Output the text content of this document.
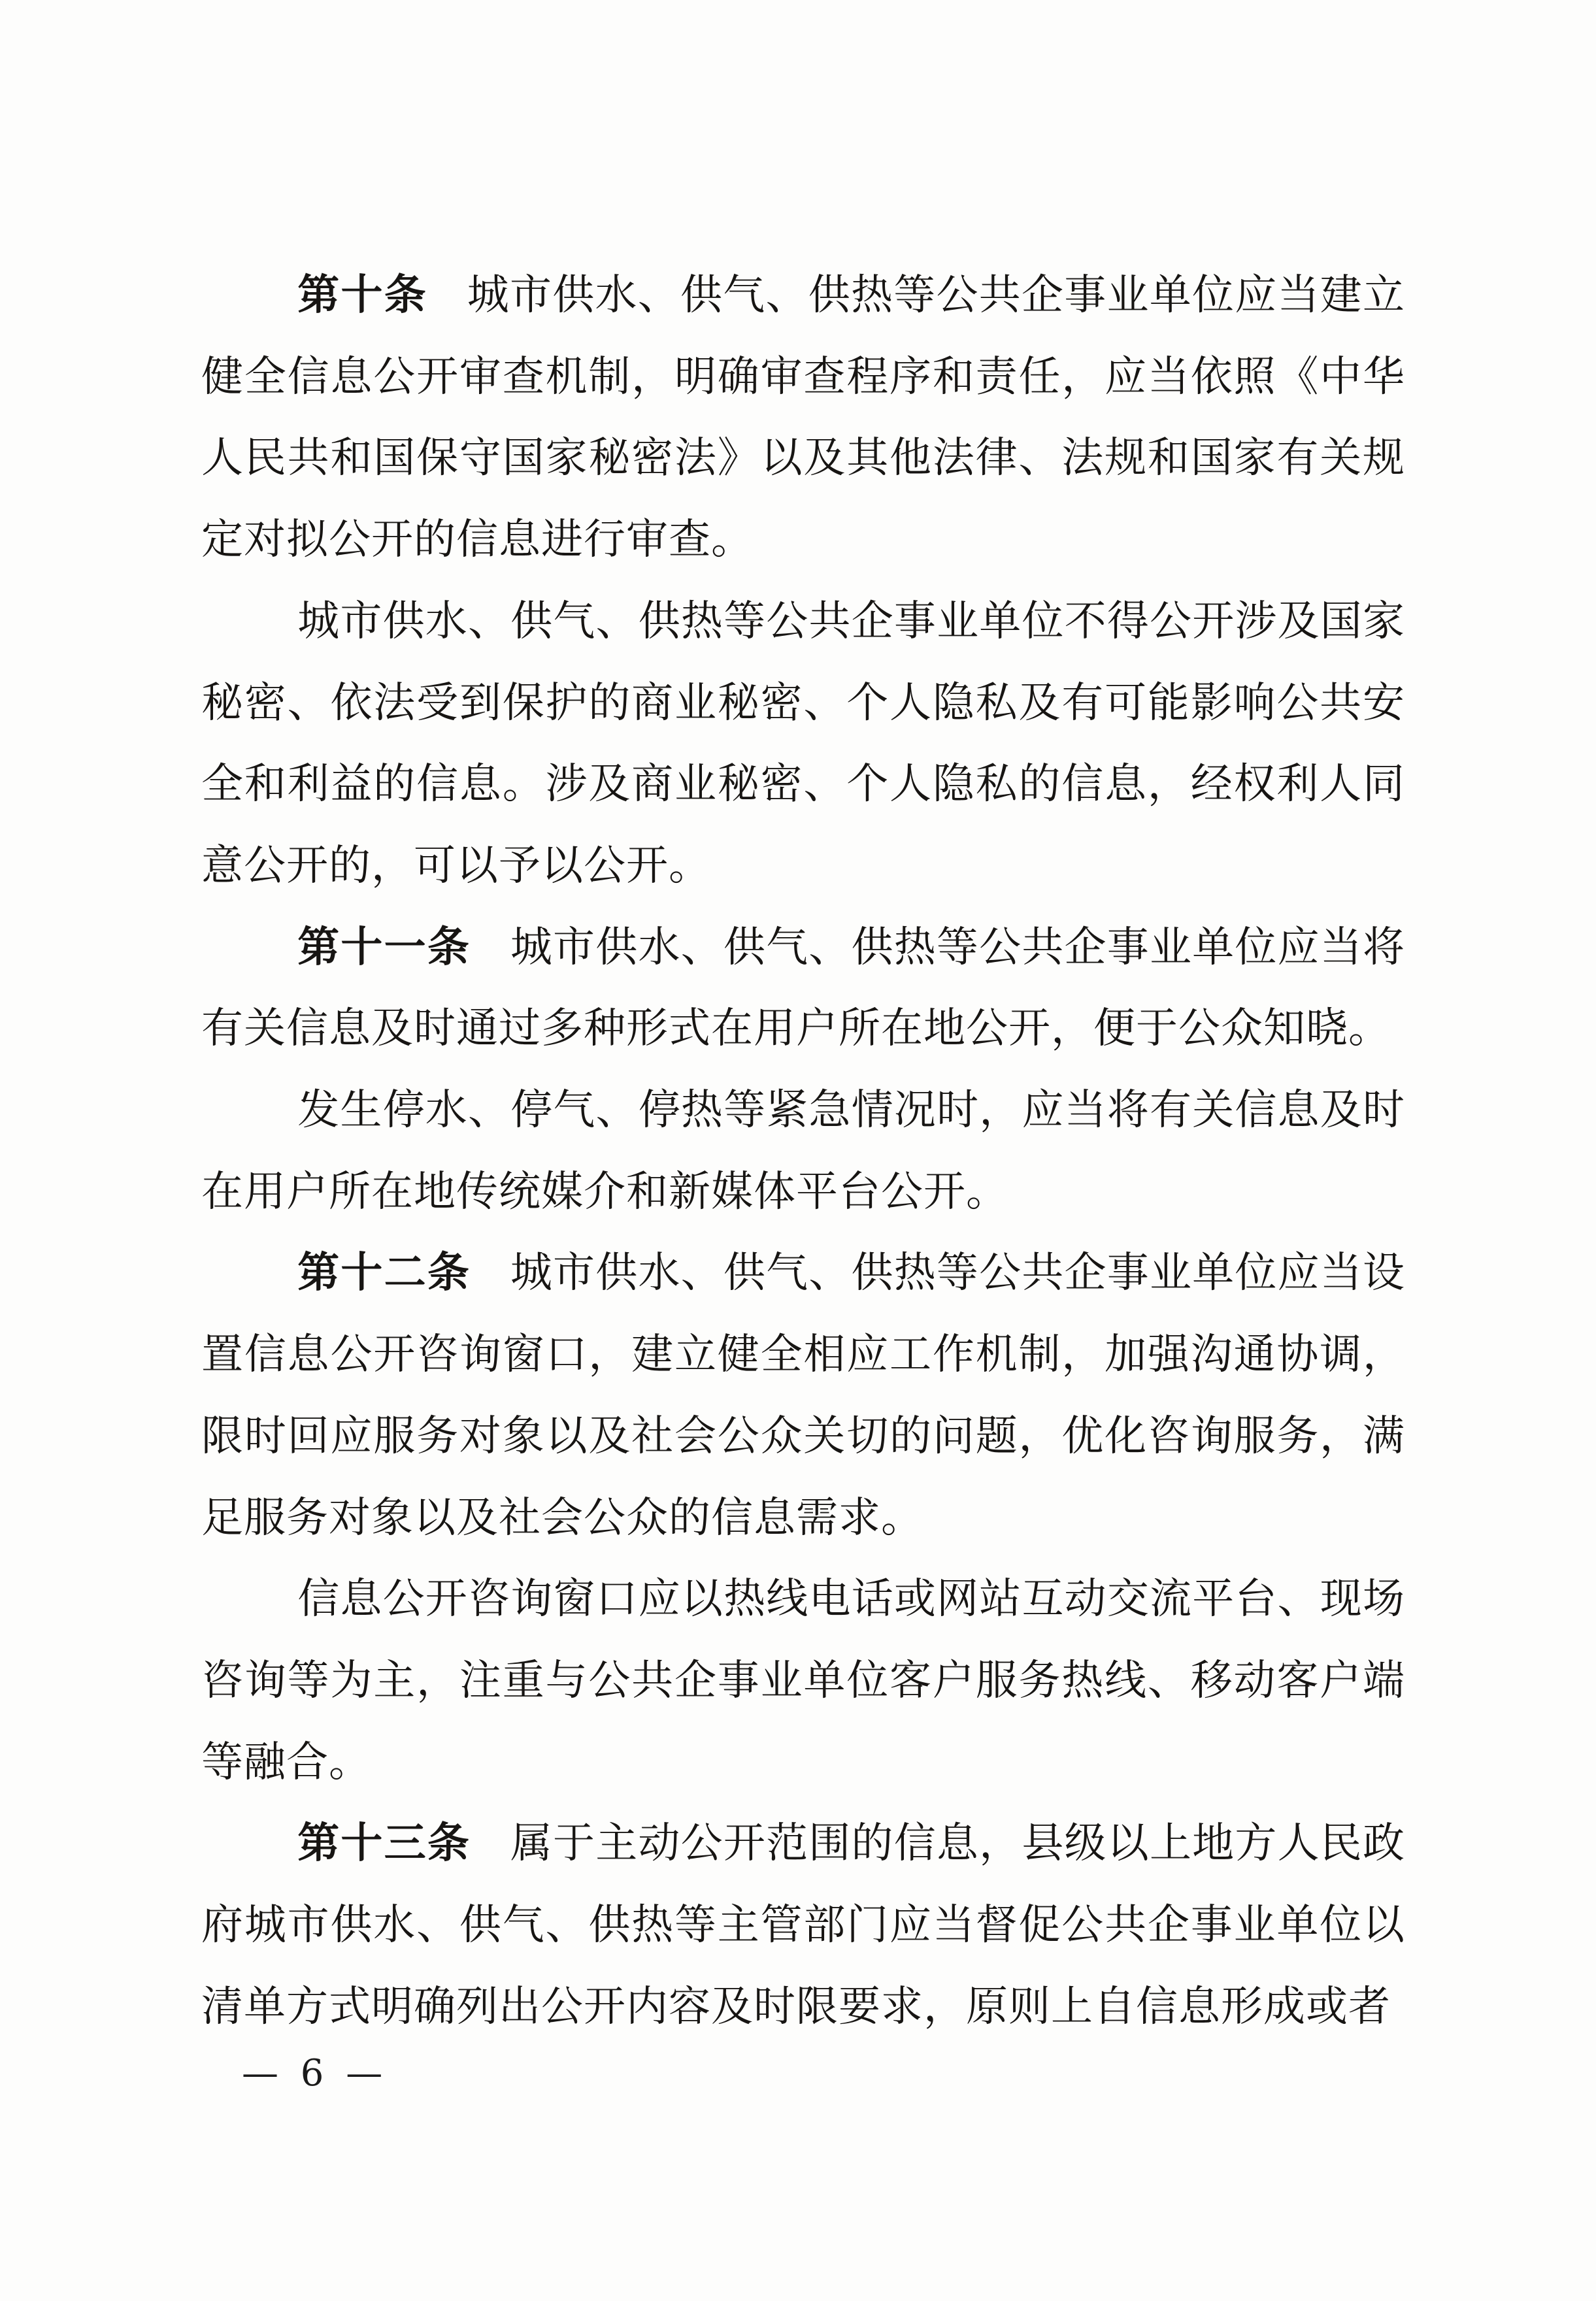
第十条 城市供水、供气、供热等公共企事业单位应当建立健全信息公开审查机制，明确审查程序和责任，应当依照《中华人民共和国保守国家秘密法》以及其他法律、法规和国家有关规定对拟公开的信息进行审查。

城市供水、供气、供热等公共企事业单位不得公开涉及国家秘密、依法受到保护的商业秘密、个人隐私及有可能影响公共安全和利益的信息。涉及商业秘密、个人隐私的信息，经权利人同意公开的，可以予以公开。

第十一条 城市供水、供气、供热等公共企事业单位应当将有关信息及时通过多种形式在用户所在地公开，便于公众知晓。

发生停水、停气、停热等紧急情况时，应当将有关信息及时在用户所在地传统媒介和新媒体平台公开。

第十二条 城市供水、供气、供热等公共企事业单位应当设置信息公开咨询窗口，建立健全相应工作机制，加强沟通协调，限时回应服务对象以及社会公众关切的问题，优化咨询服务，满足服务对象以及社会公众的信息需求。

信息公开咨询窗口应以热线电话或网站互动交流平台、现场咨询等为主，注重与公共企事业单位客户服务热线、移动客户端等融合。

第十三条 属于主动公开范围的信息，县级以上地方人民政府城市供水、供气、供热等主管部门应当督促公共企事业单位以清单方式明确列出公开内容及时限要求，原则上自信息形成或者

— 6 —
